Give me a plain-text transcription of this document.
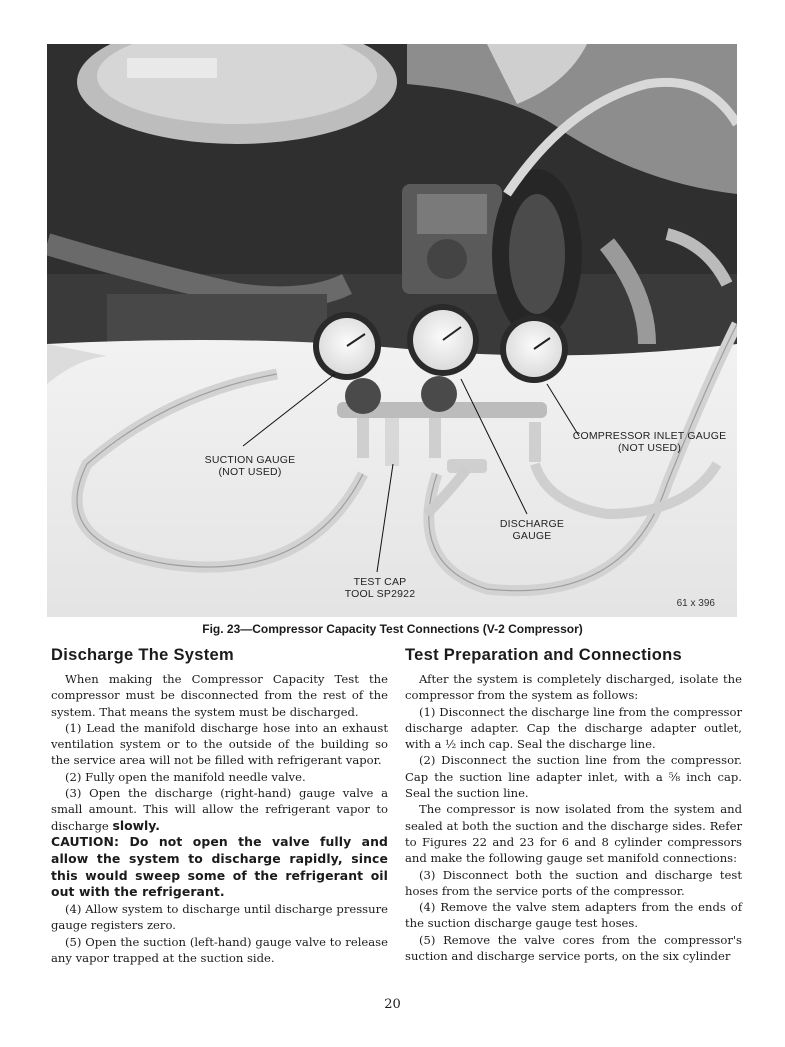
SUCTION GAUGE
(NOT USED)
COMPRESSOR INLET GAUGE
(NOT USED)
DISCHARGE
GAUGE
TEST CAP
TOOL SP2922
61 x 396
Fig. 23—Compressor Capacity Test Connections (V-2 Compressor)
Discharge The System

When making the Compressor Capacity Test the compressor must be disconnected from the rest of the system. That means the system must be discharged.

(1) Lead the manifold discharge hose into an exhaust ventilation system or to the outside of the building so the service area will not be filled with refrigerant vapor.

(2) Fully open the manifold needle valve.

(3) Open the discharge (right-hand) gauge valve a small amount. This will allow the refrigerant vapor to discharge slowly.

CAUTION: Do not open the valve fully and allow the system to discharge rapidly, since this would sweep some of the refrigerant oil out with the refrigerant.

(4) Allow system to discharge until discharge pressure gauge registers zero.

(5) Open the suction (left-hand) gauge valve to release any vapor trapped at the suction side.

Test Preparation and Connections

After the system is completely discharged, isolate the compressor from the system as follows:

(1) Disconnect the discharge line from the compressor discharge adapter. Cap the discharge adapter outlet, with a ½ inch cap. Seal the discharge line.

(2) Disconnect the suction line from the compressor. Cap the suction line adapter inlet, with a ⅝ inch cap. Seal the suction line.

The compressor is now isolated from the system and sealed at both the suction and the discharge sides. Refer to Figures 22 and 23 for 6 and 8 cylinder compressors and make the following gauge set manifold connections:

(3) Disconnect both the suction and discharge test hoses from the service ports of the compressor.

(4) Remove the valve stem adapters from the ends of the suction discharge gauge test hoses.

(5) Remove the valve cores from the compressor's suction and discharge service ports, on the six cylinder

20
